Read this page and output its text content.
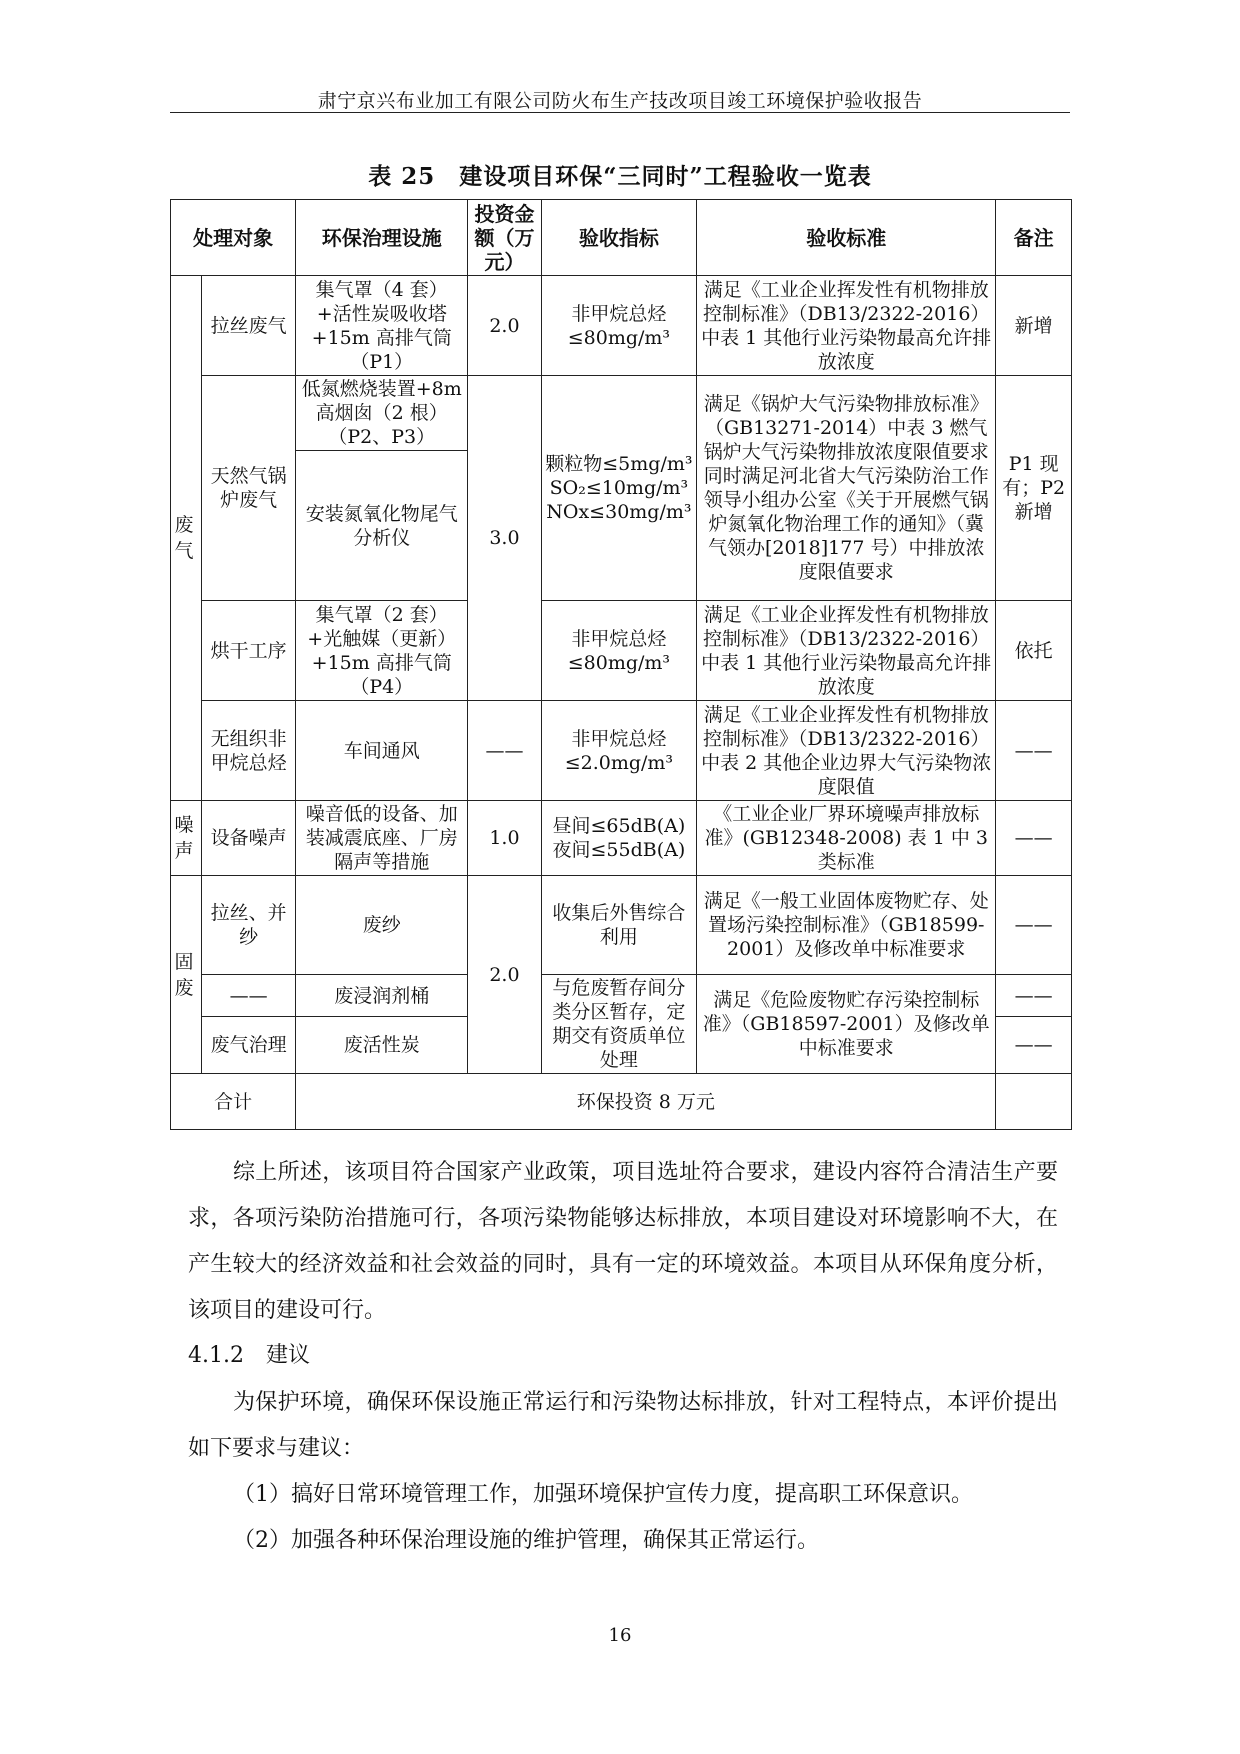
肃宁京兴布业加工有限公司防火布生产技改项目竣工环境保护验收报告
表 25　建设项目环保“三同时”工程验收一览表
处理对象		环保治理设施	投资金额（万元）	验收指标	验收标准	备注
废气	拉丝废气	集气罩（4 套）+活性炭吸收塔+15m 高排气筒（P1）	2.0	非甲烷总烃≤80mg/m³	满足《工业企业挥发性有机物排放控制标准》（DB13/2322-2016）中表 1 其他行业污染物最高允许排放浓度	新增
	天然气锅炉废气	低氮燃烧装置+8m 高烟囱（2 根）（P2、P3）	3.0	颗粒物≤5mg/m³ SO₂≤10mg/m³ NOx≤30mg/m³	满足《锅炉大气污染物排放标准》（GB13271-2014）中表 3 燃气锅炉大气污染物排放浓度限值要求同时满足河北省大气污染防治工作领导小组办公室《关于开展燃气锅炉氮氧化物治理工作的通知》（冀气领办[2018]177 号）中排放浓度限值要求	P1 现有；P2 新增
		安装氮氧化物尾气分析仪				
	烘干工序	集气罩（2 套）+光触媒（更新）+15m 高排气筒（P4）		非甲烷总烃≤80mg/m³	满足《工业企业挥发性有机物排放控制标准》（DB13/2322-2016）中表 1 其他行业污染物最高允许排放浓度	依托
	无组织非甲烷总烃	车间通风	——	非甲烷总烃≤2.0mg/m³	满足《工业企业挥发性有机物排放控制标准》（DB13/2322-2016）中表 2 其他企业边界大气污染物浓度限值	——
噪声	设备噪声	噪音低的设备、加装减震底座、厂房隔声等措施	1.0	昼间≤65dB(A) 夜间≤55dB(A)	《工业企业厂界环境噪声排放标准》(GB12348-2008) 表 1 中 3 类标准	——
固废	拉丝、并纱	废纱	2.0	收集后外售综合利用	满足《一般工业固体废物贮存、处置场污染控制标准》（GB18599-2001）及修改单中标准要求	——
	——	废浸润剂桶		与危废暂存间分类分区暂存，定期交有资质单位处理	满足《危险废物贮存污染控制标准》（GB18597-2001）及修改单中标准要求	——
	废气治理	废活性炭				——
合计		环保投资 8 万元				
综上所述，该项目符合国家产业政策，项目选址符合要求，建设内容符合清洁生产要求，各项污染防治措施可行，各项污染物能够达标排放，本项目建设对环境影响不大，在产生较大的经济效益和社会效益的同时，具有一定的环境效益。本项目从环保角度分析，该项目的建设可行。
4.1.2　建议
为保护环境，确保环保设施正常运行和污染物达标排放，针对工程特点，本评价提出如下要求与建议：
（1）搞好日常环境管理工作，加强环境保护宣传力度，提高职工环保意识。
（2）加强各种环保治理设施的维护管理，确保其正常运行。
16
